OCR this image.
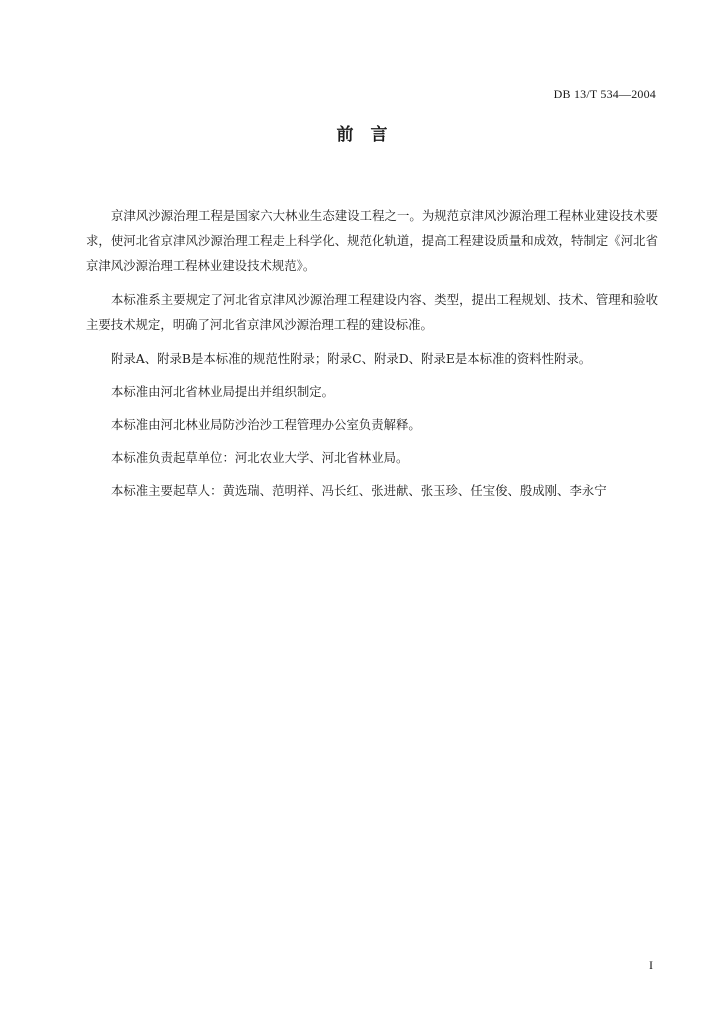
DB 13/T 534—2004
前　言

京津风沙源治理工程是国家六大林业生态建设工程之一。为规范京津风沙源治理工程林业建设技术要求，使河北省京津风沙源治理工程走上科学化、规范化轨道，提高工程建设质量和成效，特制定《河北省京津风沙源治理工程林业建设技术规范》。

本标准系主要规定了河北省京津风沙源治理工程建设内容、类型，提出工程规划、技术、管理和验收主要技术规定，明确了河北省京津风沙源治理工程的建设标准。

附录A、附录B是本标准的规范性附录；附录C、附录D、附录E是本标准的资料性附录。

本标准由河北省林业局提出并组织制定。

本标准由河北林业局防沙治沙工程管理办公室负责解释。

本标准负责起草单位：河北农业大学、河北省林业局。

本标准主要起草人：黄选瑞、范明祥、冯长红、张进献、张玉珍、任宝俊、殷成刚、李永宁

I
